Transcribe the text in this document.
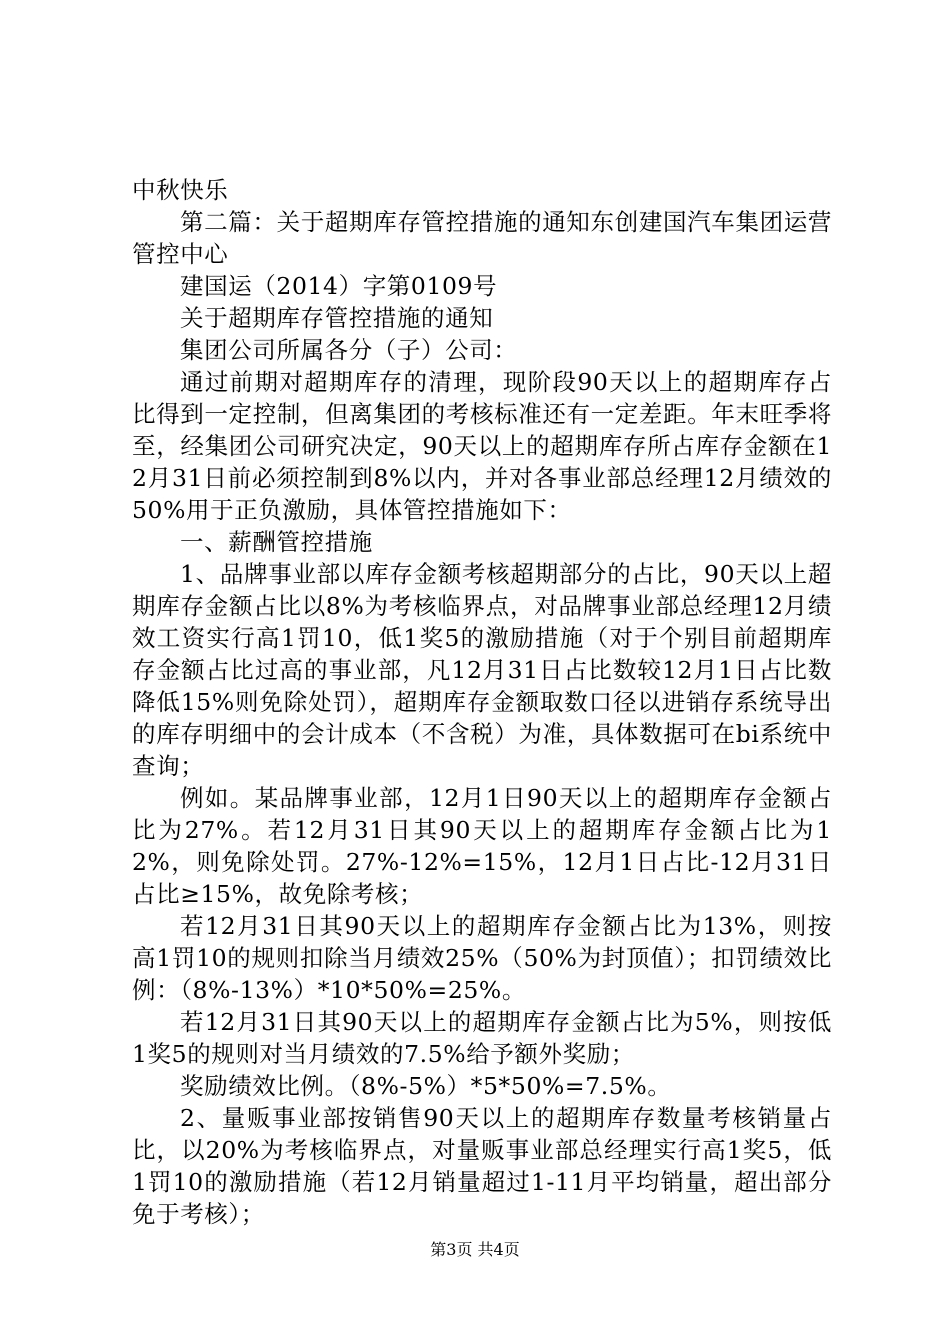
中秋快乐

第二篇：关于超期库存管控措施的通知东创建国汽车集团运营管控中心

建国运（2014）字第0109号

关于超期库存管控措施的通知

集团公司所属各分（子）公司：

通过前期对超期库存的清理，现阶段90天以上的超期库存占比得到一定控制，但离集团的考核标准还有一定差距。年末旺季将至，经集团公司研究决定，90天以上的超期库存所占库存金额在12月31日前必须控制到8%以内，并对各事业部总经理12月绩效的50%用于正负激励，具体管控措施如下：

一、薪酬管控措施

1、品牌事业部以库存金额考核超期部分的占比，90天以上超期库存金额占比以8%为考核临界点，对品牌事业部总经理12月绩效工资实行高1罚10，低1奖5的激励措施（对于个别目前超期库存金额占比过高的事业部，凡12月31日占比数较12月1日占比数降低15%则免除处罚），超期库存金额取数口径以进销存系统导出的库存明细中的会计成本（不含税）为准，具体数据可在bi系统中查询；

例如。某品牌事业部，12月1日90天以上的超期库存金额占比为27%。若12月31日其90天以上的超期库存金额占比为12%，则免除处罚。27%-12%=15%，12月1日占比-12月31日占比≥15%，故免除考核；

若12月31日其90天以上的超期库存金额占比为13%，则按高1罚10的规则扣除当月绩效25%（50%为封顶值）；扣罚绩效比例：（8%-13%）*10*50%=25%。

若12月31日其90天以上的超期库存金额占比为5%，则按低1奖5的规则对当月绩效的7.5%给予额外奖励；

奖励绩效比例。（8%-5%）*5*50%=7.5%。

2、量贩事业部按销售90天以上的超期库存数量考核销量占比，以20%为考核临界点，对量贩事业部总经理实行高1奖5，低1罚10的激励措施（若12月销量超过1-11月平均销量，超出部分免于考核）；

第3页 共4页
